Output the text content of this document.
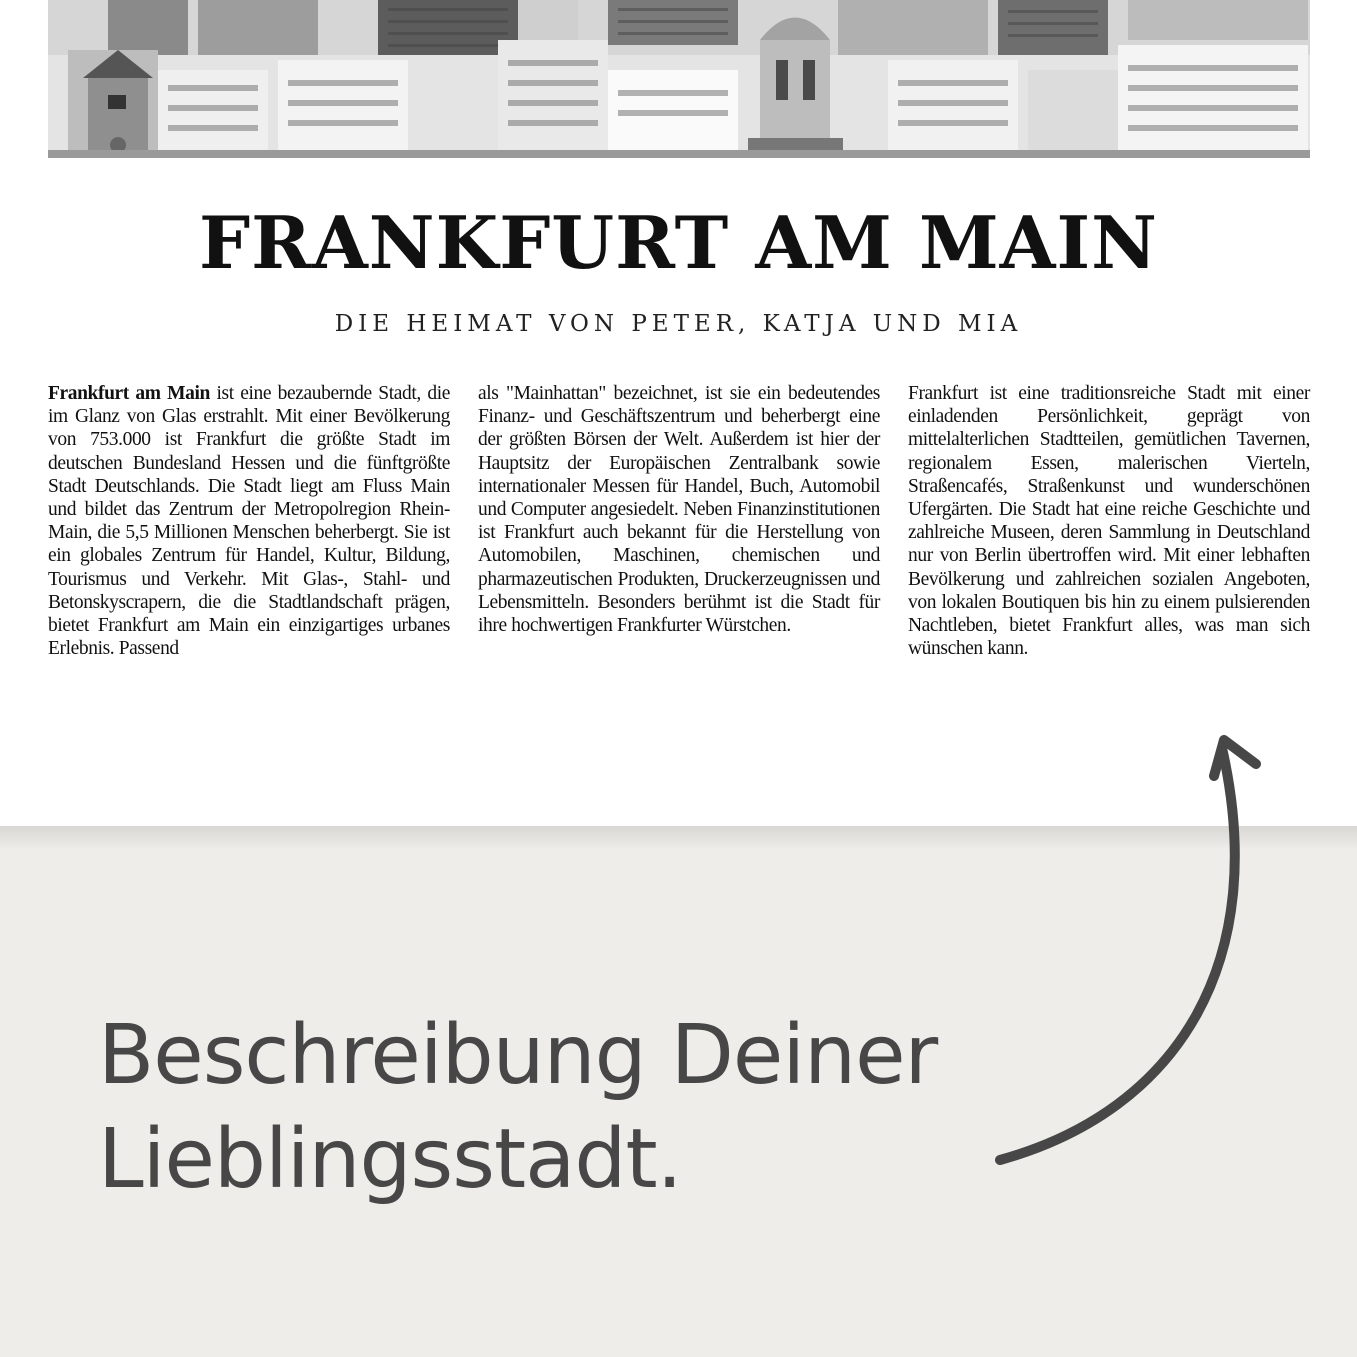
FRANKFURT AM MAIN

DIE HEIMAT VON PETER, KATJA UND MIA

Frankfurt am Main ist eine bezaubernde Stadt, die im Glanz von Glas erstrahlt. Mit einer Bevölkerung von 753.000 ist Frankfurt die größte Stadt im deutschen Bundesland Hessen und die fünftgrößte Stadt Deutschlands. Die Stadt liegt am Fluss Main und bildet das Zentrum der Metropolregion Rhein-Main, die 5,5 Millionen Menschen beherbergt. Sie ist ein globales Zentrum für Handel, Kultur, Bildung, Tourismus und Verkehr. Mit Glas-, Stahl- und Betonskyscrapern, die die Stadtlandschaft prägen, bietet Frankfurt am Main ein einzigartiges urbanes Erlebnis. Passend
als "Mainhattan" bezeichnet, ist sie ein bedeutendes Finanz- und Geschäftszentrum und beherbergt eine der größten Börsen der Welt. Außerdem ist hier der Hauptsitz der Europäischen Zentralbank sowie internationaler Messen für Handel, Buch, Automobil und Computer angesiedelt. Neben Finanzinstitutionen ist Frankfurt auch bekannt für die Herstellung von Automobilen, Maschinen, chemischen und pharmazeutischen Produkten, Druckerzeugnissen und Lebensmitteln. Besonders berühmt ist die Stadt für ihre hochwertigen Frankfurter Würstchen.
Frankfurt ist eine traditionsreiche Stadt mit einer einladenden Persönlichkeit, geprägt von mittelalterlichen Stadtteilen, gemütlichen Tavernen, regionalem Essen, malerischen Vierteln, Straßencafés, Straßenkunst und wunderschönen Ufergärten. Die Stadt hat eine reiche Geschichte und zahlreiche Museen, deren Sammlung in Deutschland nur von Berlin übertroffen wird. Mit einer lebhaften Bevölkerung und zahlreichen sozialen Angeboten, von lokalen Boutiquen bis hin zu einem pulsierenden Nachtleben, bietet Frankfurt alles, was man sich wünschen kann.

Beschreibung Deiner
Lieblingsstadt.
